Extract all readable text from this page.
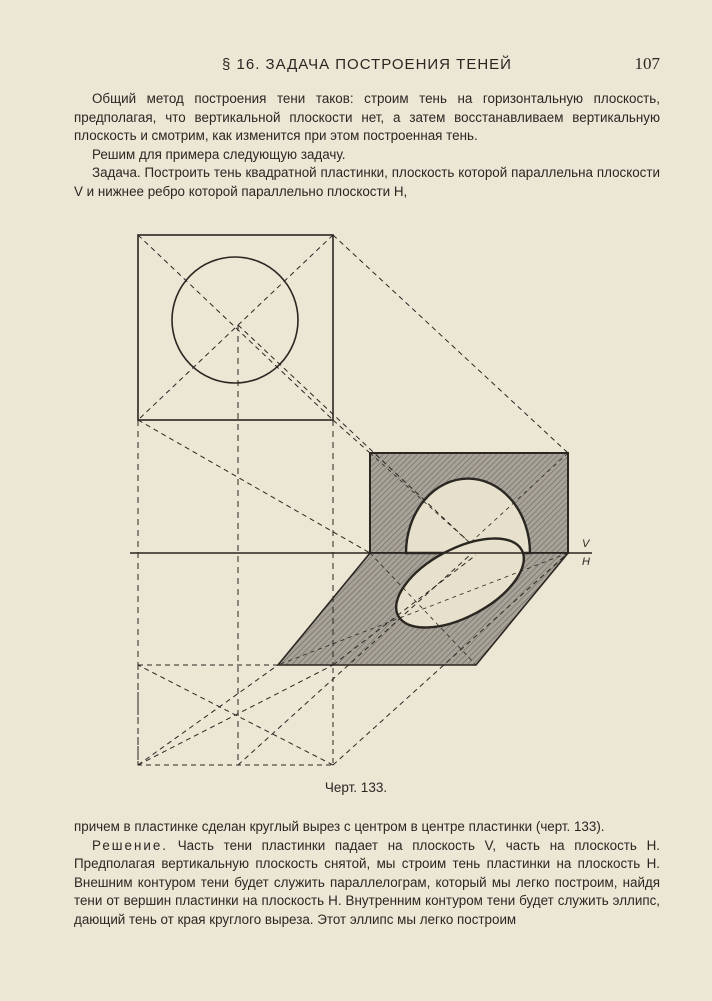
§ 16. ЗАДАЧА ПОСТРОЕНИЯ ТЕНЕЙ	107

Общий метод построения тени таков: строим тень на горизонтальную плоскость, предполагая, что вертикальной плоскости нет, а затем восстанавливаем вертикальную плоскость и смотрим, как изменится при этом построенная тень.

Решим для примера следующую задачу.

Задача. Построить тень квадратной пластинки, плоскость которой параллельна плоскости V и нижнее ребро которой параллельно плоскости H,

V
H
Черт. 133.

причем в пластинке сделан круглый вырез с центром в центре пластинки (черт. 133).

Решение. Часть тени пластинки падает на плоскость V, часть на плоскость H. Предполагая вертикальную плоскость снятой, мы строим тень пластинки на плоскость H. Внешним контуром тени будет служить параллелограм, который мы легко построим, найдя тени от вершин пластинки на плоскость H. Внутренним контуром тени будет служить эллипс, дающий тень от края круглого выреза. Этот эллипс мы легко построим
